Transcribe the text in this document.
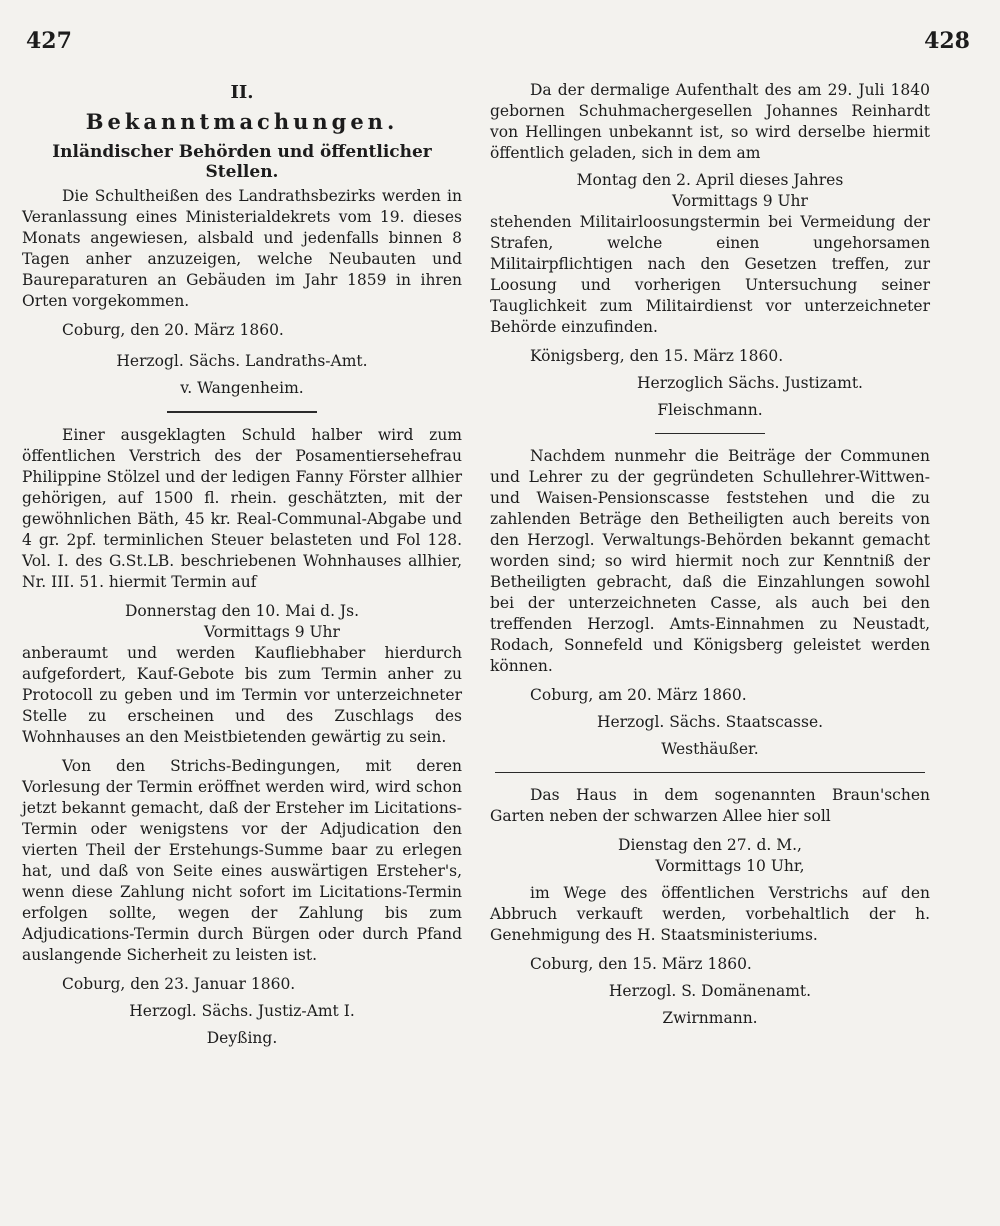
427	428
II.
Bekanntmachungen.
Inländischer Behörden und öffentlicher Stellen.

Die Schultheißen des Landrathsbezirks werden in Veranlassung eines Ministerialdekrets vom 19. dieses Monats angewiesen, alsbald und jedenfalls binnen 8 Tagen anher anzuzeigen, welche Neubauten und Baureparaturen an Gebäuden im Jahr 1859 in ihren Orten vorgekommen.

Coburg, den 20. März 1860.
Herzogl. Sächs. Landraths-Amt.
v. Wangenheim.

Einer ausgeklagten Schuld halber wird zum öffentlichen Verstrich des der Posamentiersehefrau Philippine Stölzel und der ledigen Fanny Förster allhier gehörigen, auf 1500 fl. rhein. geschätzten, mit der gewöhnlichen Bäth, 45 kr. Real-Communal-Abgabe und 4 gr. 2pf. terminlichen Steuer belasteten und Fol 128. Vol. I. des G.St.LB. beschriebenen Wohnhauses allhier, Nr. III. 51. hiermit Termin auf

Donnerstag den 10. Mai d. Js.
Vormittags 9 Uhr

anberaumt und werden Kaufliebhaber hierdurch aufgefordert, Kauf-Gebote bis zum Termin anher zu Protocoll zu geben und im Termin vor unterzeichneter Stelle zu erscheinen und des Zuschlags des Wohnhauses an den Meistbietenden gewärtig zu sein.

Von den Strichs-Bedingungen, mit deren Vorlesung der Termin eröffnet werden wird, wird schon jetzt bekannt gemacht, daß der Ersteher im Licitations-Termin oder wenigstens vor der Adjudication den vierten Theil der Erstehungs-Summe baar zu erlegen hat, und daß von Seite eines auswärtigen Ersteher's, wenn diese Zahlung nicht sofort im Licitations-Termin erfolgen sollte, wegen der Zahlung bis zum Adjudications-Termin durch Bürgen oder durch Pfand auslangende Sicherheit zu leisten ist.

Coburg, den 23. Januar 1860.
Herzogl. Sächs. Justiz-Amt I.
Deyßing.

Da der dermalige Aufenthalt des am 29. Juli 1840 gebornen Schuhmachergesellen Johannes Reinhardt von Hellingen unbekannt ist, so wird derselbe hiermit öffentlich geladen, sich in dem am

Montag den 2. April dieses Jahres
Vormittags 9 Uhr

stehenden Militairloosungstermin bei Vermeidung der Strafen, welche einen ungehorsamen Militairpflichtigen nach den Gesetzen treffen, zur Loosung und vorherigen Untersuchung seiner Tauglichkeit zum Militairdienst vor unterzeichneter Behörde einzufinden.

Königsberg, den 15. März 1860.
Herzoglich Sächs. Justizamt.
Fleischmann.

Nachdem nunmehr die Beiträge der Communen und Lehrer zu der gegründeten Schullehrer-Wittwen- und Waisen-Pensionscasse feststehen und die zu zahlenden Beträge den Betheiligten auch bereits von den Herzogl. Verwaltungs-Behörden bekannt gemacht worden sind; so wird hiermit noch zur Kenntniß der Betheiligten gebracht, daß die Einzahlungen sowohl bei der unterzeichneten Casse, als auch bei den treffenden Herzogl. Amts-Einnahmen zu Neustadt, Rodach, Sonnefeld und Königsberg geleistet werden können.

Coburg, am 20. März 1860.
Herzogl. Sächs. Staatscasse.
Westhäußer.

Das Haus in dem sogenannten Braun'schen Garten neben der schwarzen Allee hier soll

Dienstag den 27. d. M.,
Vormittags 10 Uhr,

im Wege des öffentlichen Verstrichs auf den Abbruch verkauft werden, vorbehaltlich der h. Genehmigung des H. Staatsministeriums.

Coburg, den 15. März 1860.
Herzogl. S. Domänenamt.
Zwirnmann.
